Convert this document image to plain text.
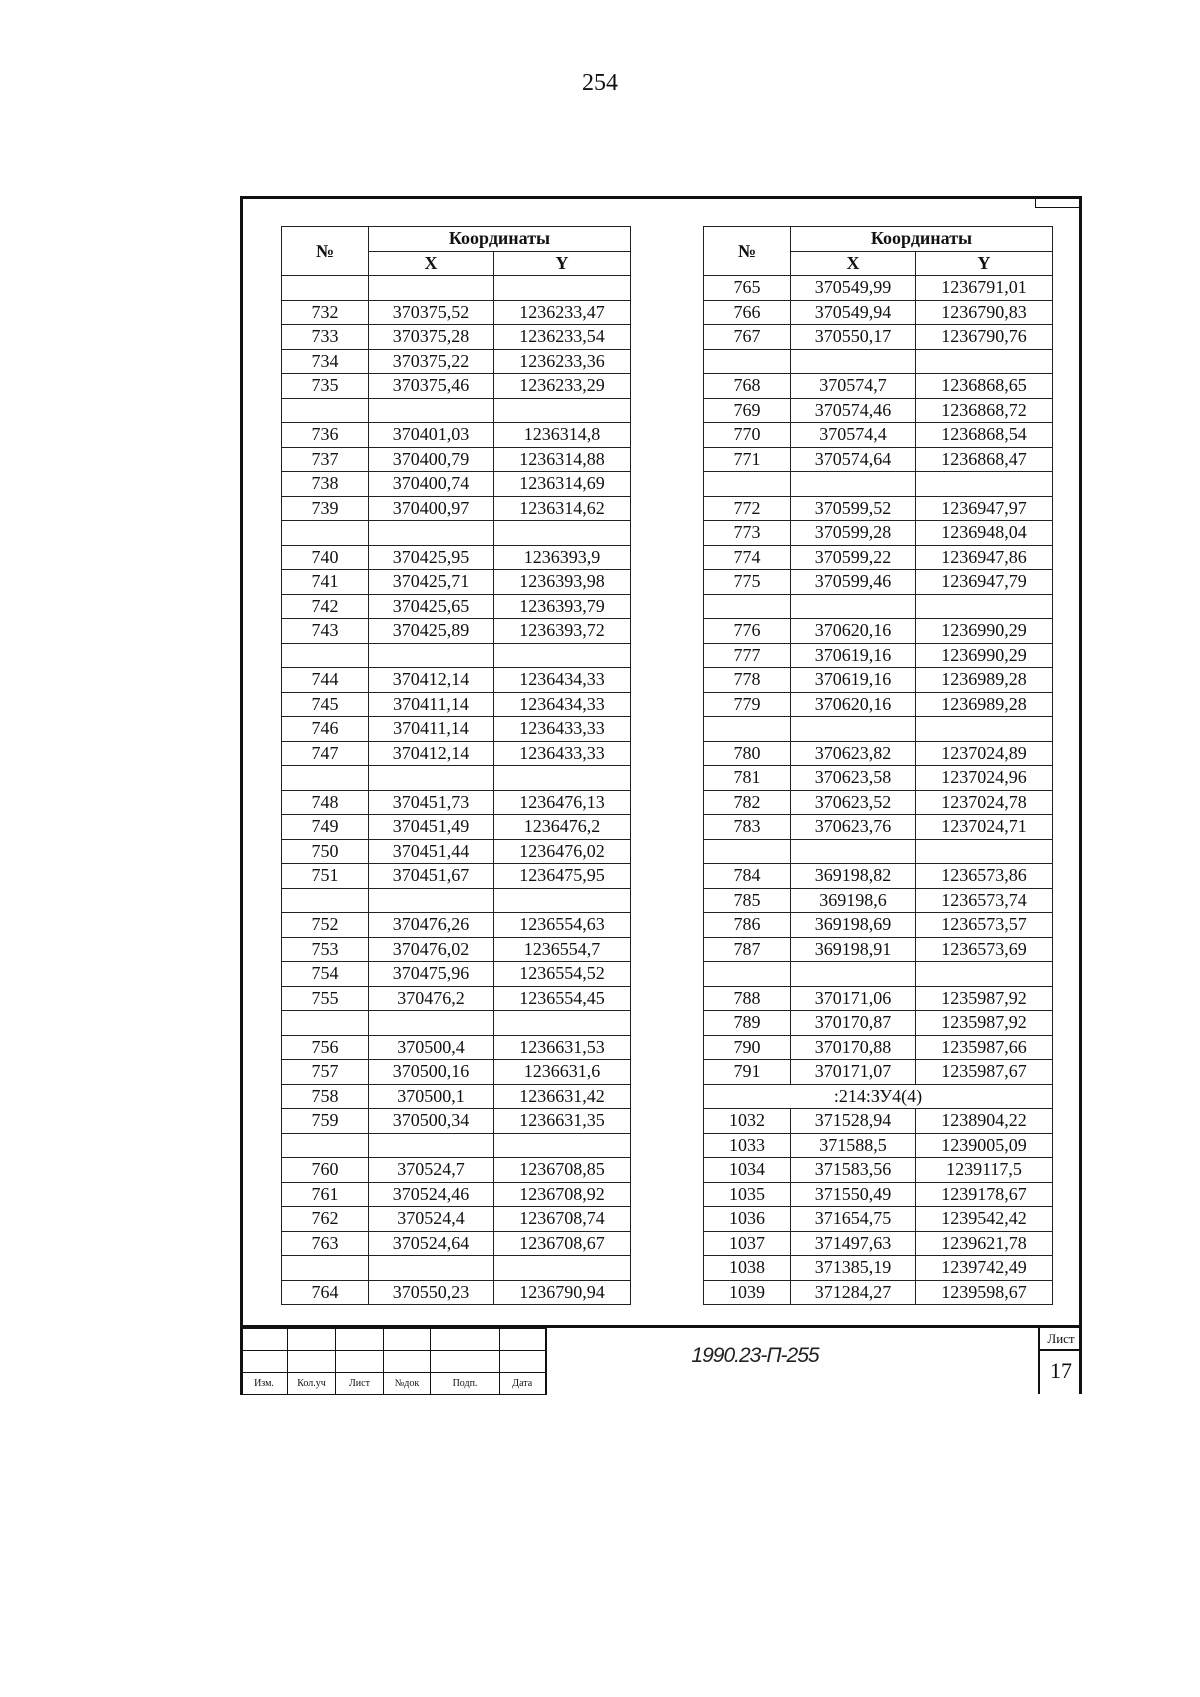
254
№	Координаты	
	X	Y

732	370375,52	1236233,47
733	370375,28	1236233,54
734	370375,22	1236233,36
735	370375,46	1236233,29

736	370401,03	1236314,8
737	370400,79	1236314,88
738	370400,74	1236314,69
739	370400,97	1236314,62

740	370425,95	1236393,9
741	370425,71	1236393,98
742	370425,65	1236393,79
743	370425,89	1236393,72

744	370412,14	1236434,33
745	370411,14	1236434,33
746	370411,14	1236433,33
747	370412,14	1236433,33

748	370451,73	1236476,13
749	370451,49	1236476,2
750	370451,44	1236476,02
751	370451,67	1236475,95

752	370476,26	1236554,63
753	370476,02	1236554,7
754	370475,96	1236554,52
755	370476,2	1236554,45

756	370500,4	1236631,53
757	370500,16	1236631,6
758	370500,1	1236631,42
759	370500,34	1236631,35

760	370524,7	1236708,85
761	370524,46	1236708,92
762	370524,4	1236708,74
763	370524,64	1236708,67

764	370550,23	1236790,94
№	Координаты	
	X	Y
765	370549,99	1236791,01
766	370549,94	1236790,83
767	370550,17	1236790,76

768	370574,7	1236868,65
769	370574,46	1236868,72
770	370574,4	1236868,54
771	370574,64	1236868,47

772	370599,52	1236947,97
773	370599,28	1236948,04
774	370599,22	1236947,86
775	370599,46	1236947,79

776	370620,16	1236990,29
777	370619,16	1236990,29
778	370619,16	1236989,28
779	370620,16	1236989,28

780	370623,82	1237024,89
781	370623,58	1237024,96
782	370623,52	1237024,78
783	370623,76	1237024,71

784	369198,82	1236573,86
785	369198,6	1236573,74
786	369198,69	1236573,57
787	369198,91	1236573,69

788	370171,06	1235987,92
789	370170,87	1235987,92
790	370170,88	1235987,66
791	370171,07	1235987,67
:214:ЗУ4(4)		
1032	371528,94	1238904,22
1033	371588,5	1239005,09
1034	371583,56	1239117,5
1035	371550,49	1239178,67
1036	371654,75	1239542,42
1037	371497,63	1239621,78
1038	371385,19	1239742,49
1039	371284,27	1239598,67

Изм.	Кол.уч	Лист	№док	Подп.	Дата
1990.23-П-255
Лист
17
